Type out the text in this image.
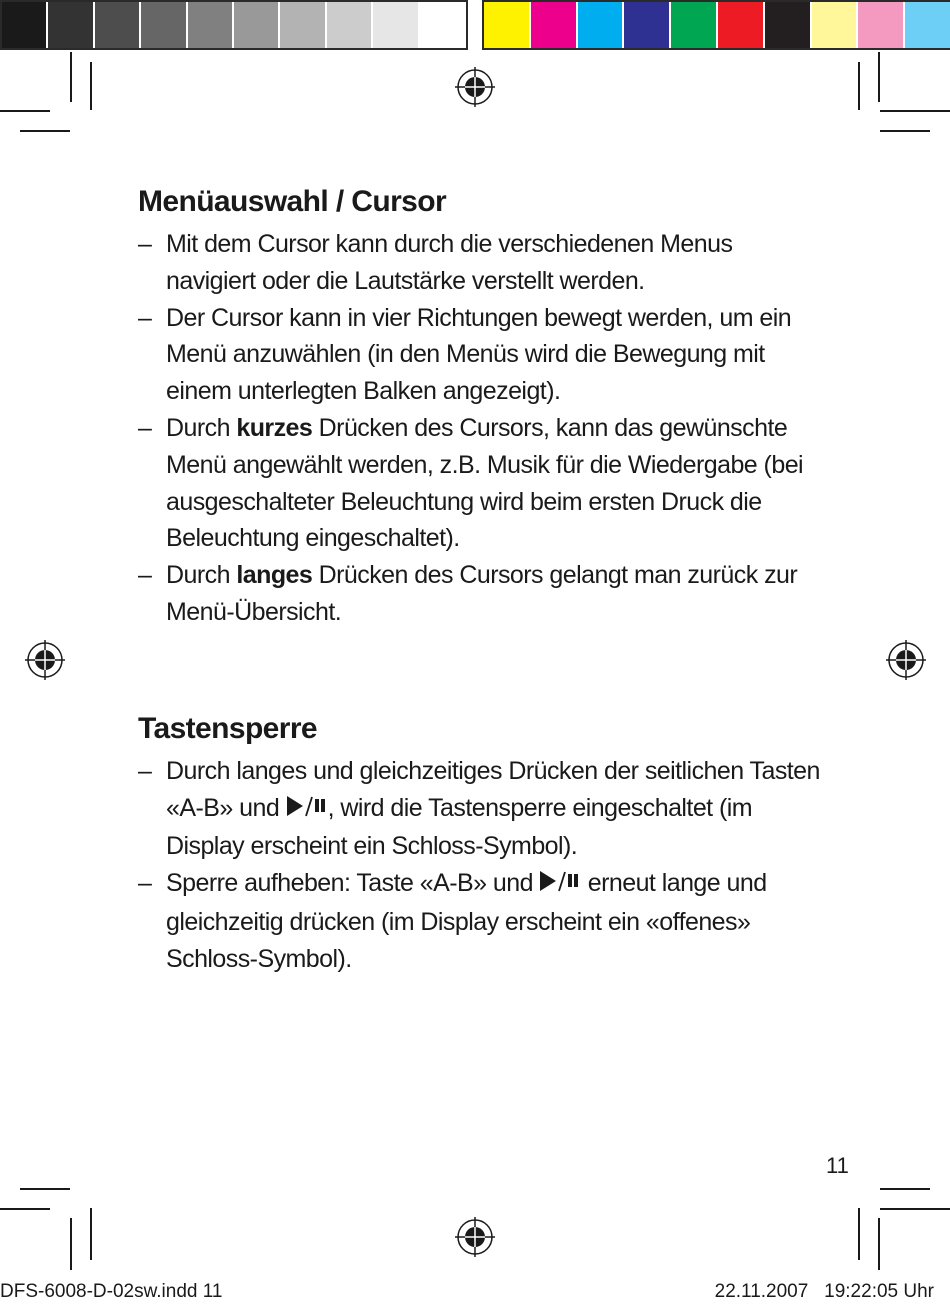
Menüauswahl / Cursor
– Mit dem Cursor kann durch die verschiedenen Menus navigiert oder die Lautstärke verstellt werden.
– Der Cursor kann in vier Richtungen bewegt werden, um ein Menü anzuwählen (in den Menüs wird die Bewegung mit einem unterlegten Balken angezeigt).
– Durch kurzes Drücken des Cursors, kann das gewünschte Menü angewählt werden, z.B. Musik für die Wiedergabe (bei ausgeschalteter Beleuchtung wird beim ersten Druck die Beleuchtung eingeschaltet).
– Durch langes Drücken des Cursors gelangt man zurück zur Menü-Übersicht.
Tastensperre
– Durch langes und gleichzeitiges Drücken der seitlichen Tasten «A-B» und , wird die Tastensperre eingeschaltet (im Display erscheint ein Schloss-Symbol).
– Sperre aufheben: Taste «A-B» und  erneut lange und gleichzeitig drücken (im Display erscheint ein «offenes» Schloss-Symbol).
11
DFS-6008-D-02sw.indd 11	22.11.2007   19:22:05 Uhr
